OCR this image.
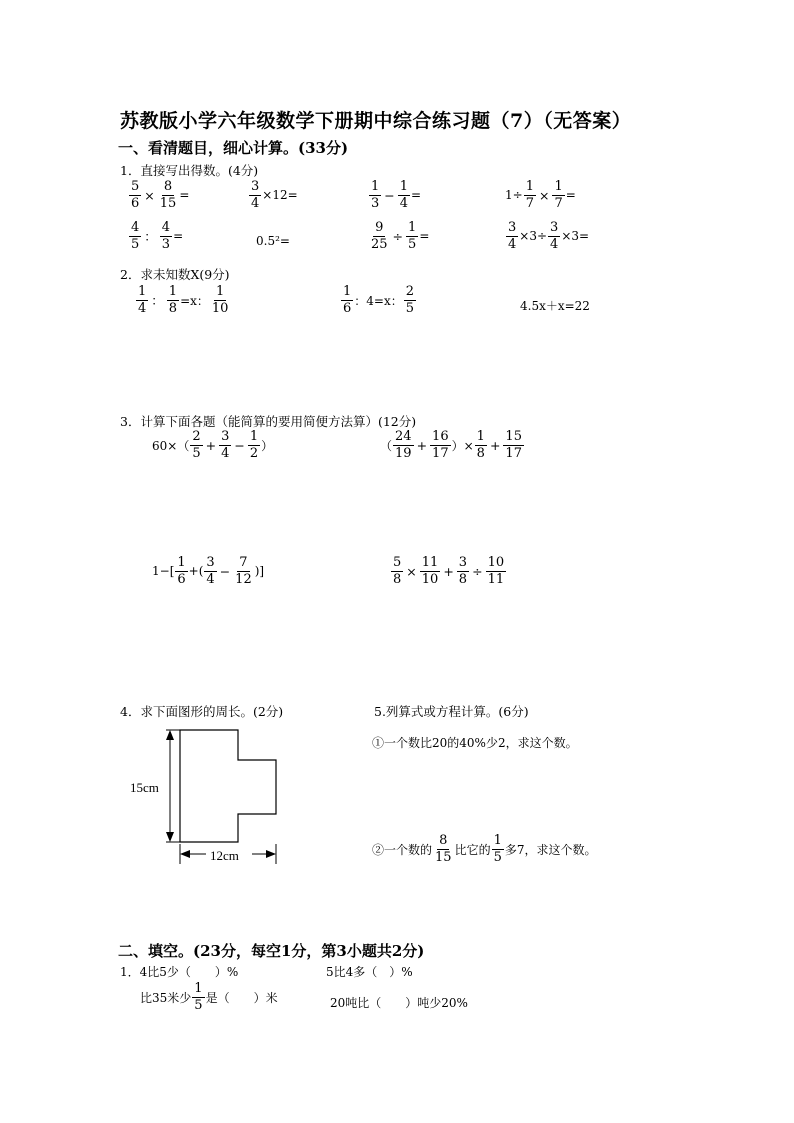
苏教版小学六年级数学下册期中综合练习题（7）（无答案）
一、看清题目，细心计算。(33分)
1．直接写出得数。(4分)
$\frac{5}{6} \times \frac{8}{15}$ =	$\frac{3}{4} \times 12=$	$\frac{1}{3} - \frac{1}{4}$ =	$1\div \frac{1}{7} \times \frac{1}{7}$ =
$\frac{4}{5}$ ： $\frac{4}{3}$ =	0.5²=	$\frac{9}{25} \div \frac{1}{5}$ =	$\frac{3}{4} \times 3\div \frac{3}{4} \times 3=$
2．求未知数X(9分)
$\frac{1}{4}$ ： $\frac{1}{8} =x$： $\frac{1}{10}$	$\frac{1}{6}$ ：4=x： $\frac{2}{5}$	4.5x＋x=22
3．计算下面各题（能简算的要用简便方法算）(12分)
$60\times( \frac{2}{5} + \frac{3}{4} - \frac{1}{2}$ ）	（ $\frac{24}{19} + \frac{16}{17}$ ）× $\frac{1}{8} + \frac{15}{17}$
$1-[ \frac{1}{6}$ +( $\frac{3}{4} - \frac{7}{12}$ )]	$\frac{5}{8} \times \frac{11}{10} + \frac{3}{8} \div \frac{10}{11}$
4．求下面图形的周长。(2分)
15cm
12cm
5.列算式或方程计算。(6分)
①一个数比20的40%少2，求这个数。
②一个数的 $\frac{8}{15}$ 比它的 $\frac{1}{5}$ 多7，求这个数。
二、填空。(23分，每空1分，第3小题共2分)
1．4比5少（　　）%	5比4多（　）%
比35米少 $\frac{1}{5}$ 是（　　）米	20吨比（　　）吨少20%
